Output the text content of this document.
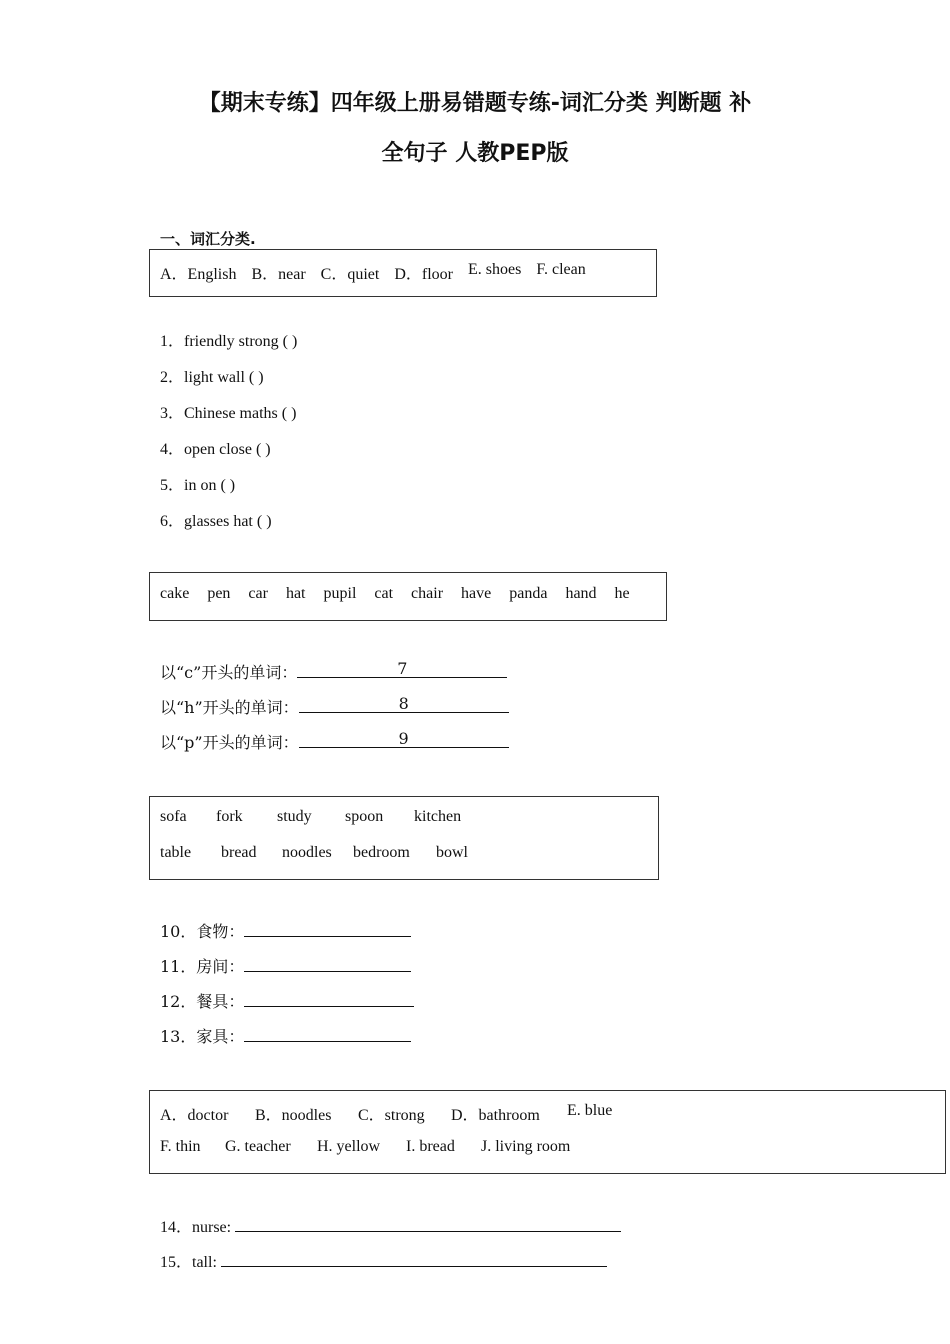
【期末专练】四年级上册易错题专练-词汇分类 判断题 补
全句子 人教PEP版
一、词汇分类.
A．English B．near C．quiet D．floor E. shoes F. clean
1．friendly strong ( )
2．light wall ( )
3．Chinese maths ( )
4．open close ( )
5．in on ( )
6．glasses hat ( )
cake pen car hat pupil cat chair have panda hand he
以“c”开头的单词：	7
以“h”开头的单词：	8
以“p”开头的单词：	9
sofa fork study spoon kitchen
table bread noodles bedroom bowl
10．食物：
11．房间：
12．餐具：
13．家具：
A．doctor B．noodles C．strong D．bathroom E. blue
F. thin G. teacher H. yellow I. bread J. living room
14．nurse:
15．tall:
